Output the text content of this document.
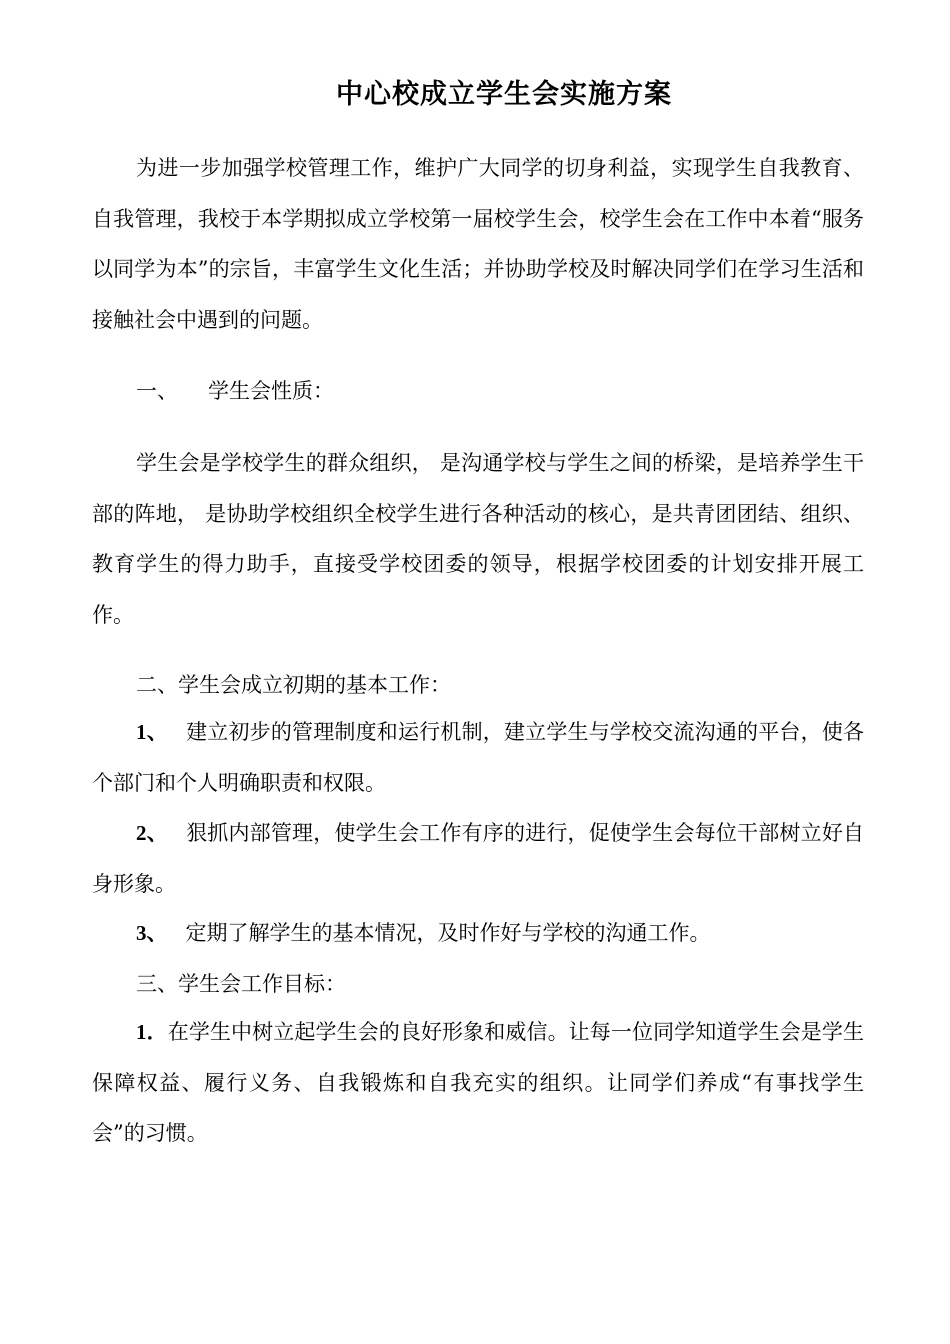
中心校成立学生会实施方案

为进一步加强学校管理工作，维护广大同学的切身利益，实现学生自我教育、自我管理，我校于本学期拟成立学校第一届校学生会，校学生会在工作中本着“服务以同学为本”的宗旨，丰富学生文化生活；并协助学校及时解决同学们在学习生活和接触社会中遇到的问题。

一、 学生会性质：

学生会是学校学生的群众组织， 是沟通学校与学生之间的桥梁，是培养学生干部的阵地， 是协助学校组织全校学生进行各种活动的核心，是共青团团结、组织、教育学生的得力助手，直接受学校团委的领导，根据学校团委的计划安排开展工作。

二、学生会成立初期的基本工作：

1、 建立初步的管理制度和运行机制，建立学生与学校交流沟通的平台，使各个部门和个人明确职责和权限。

2、 狠抓内部管理，使学生会工作有序的进行，促使学生会每位干部树立好自身形象。

3、 定期了解学生的基本情况，及时作好与学校的沟通工作。

三、学生会工作目标：

1．在学生中树立起学生会的良好形象和威信。让每一位同学知道学生会是学生保障权益、履行义务、自我锻炼和自我充实的组织。让同学们养成“有事找学生会”的习惯。
